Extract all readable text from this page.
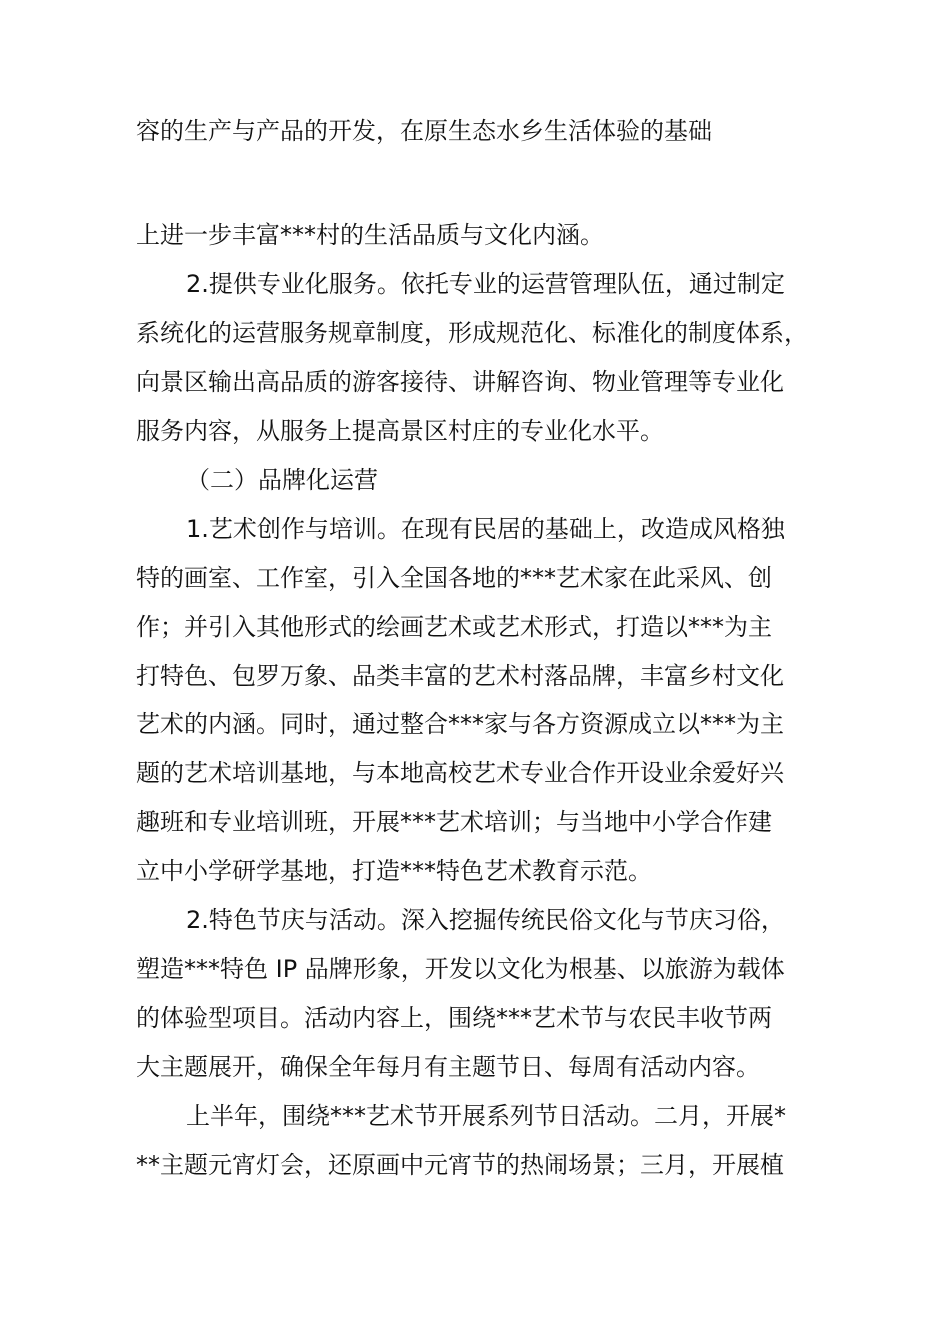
容的生产与产品的开发，在原生态水乡生活体验的基础
上进一步丰富***村的生活品质与文化内涵。
2.提供专业化服务。依托专业的运营管理队伍，通过制定
系统化的运营服务规章制度，形成规范化、标准化的制度体系，
向景区输出高品质的游客接待、讲解咨询、物业管理等专业化
服务内容，从服务上提高景区村庄的专业化水平。
（二）品牌化运营
1.艺术创作与培训。在现有民居的基础上，改造成风格独
特的画室、工作室，引入全国各地的***艺术家在此采风、创
作；并引入其他形式的绘画艺术或艺术形式，打造以***为主
打特色、包罗万象、品类丰富的艺术村落品牌，丰富乡村文化
艺术的内涵。同时，通过整合***家与各方资源成立以***为主
题的艺术培训基地，与本地高校艺术专业合作开设业余爱好兴
趣班和专业培训班，开展***艺术培训；与当地中小学合作建
立中小学研学基地，打造***特色艺术教育示范。
2.特色节庆与活动。深入挖掘传统民俗文化与节庆习俗，
塑造***特色 IP 品牌形象，开发以文化为根基、以旅游为载体
的体验型项目。活动内容上，围绕***艺术节与农民丰收节两
大主题展开，确保全年每月有主题节日、每周有活动内容。
上半年，围绕***艺术节开展系列节日活动。二月，开展*
**主题元宵灯会，还原画中元宵节的热闹场景；三月，开展植
